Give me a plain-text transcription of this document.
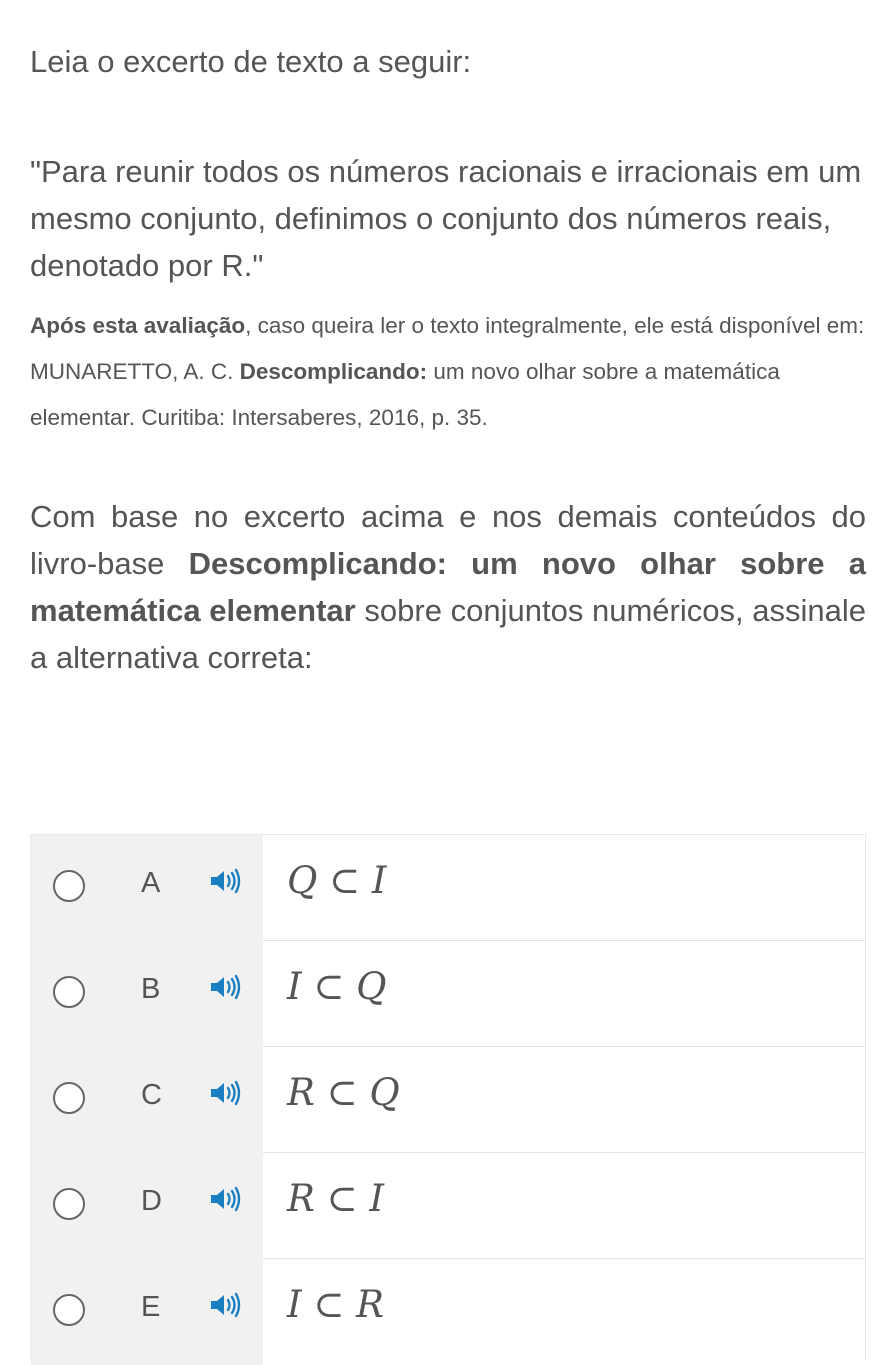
Leia o excerto de texto a seguir:

"Para reunir todos os números racionais e irracionais em um mesmo conjunto, definimos o conjunto dos números reais, denotado por R."

Após esta avaliação, caso queira ler o texto integralmente, ele está disponível em: MUNARETTO, A. C. Descomplicando: um novo olhar sobre a matemática elementar. Curitiba: Intersaberes, 2016, p. 35.

Com base no excerto acima e nos demais conteúdos do livro-base Descomplicando: um novo olhar sobre a matemática elementar sobre conjuntos numéricos, assinale a alternativa correta:

A	Q ⊂ I
B	I ⊂ Q
C	R ⊂ Q
D	R ⊂ I
E	I ⊂ R
